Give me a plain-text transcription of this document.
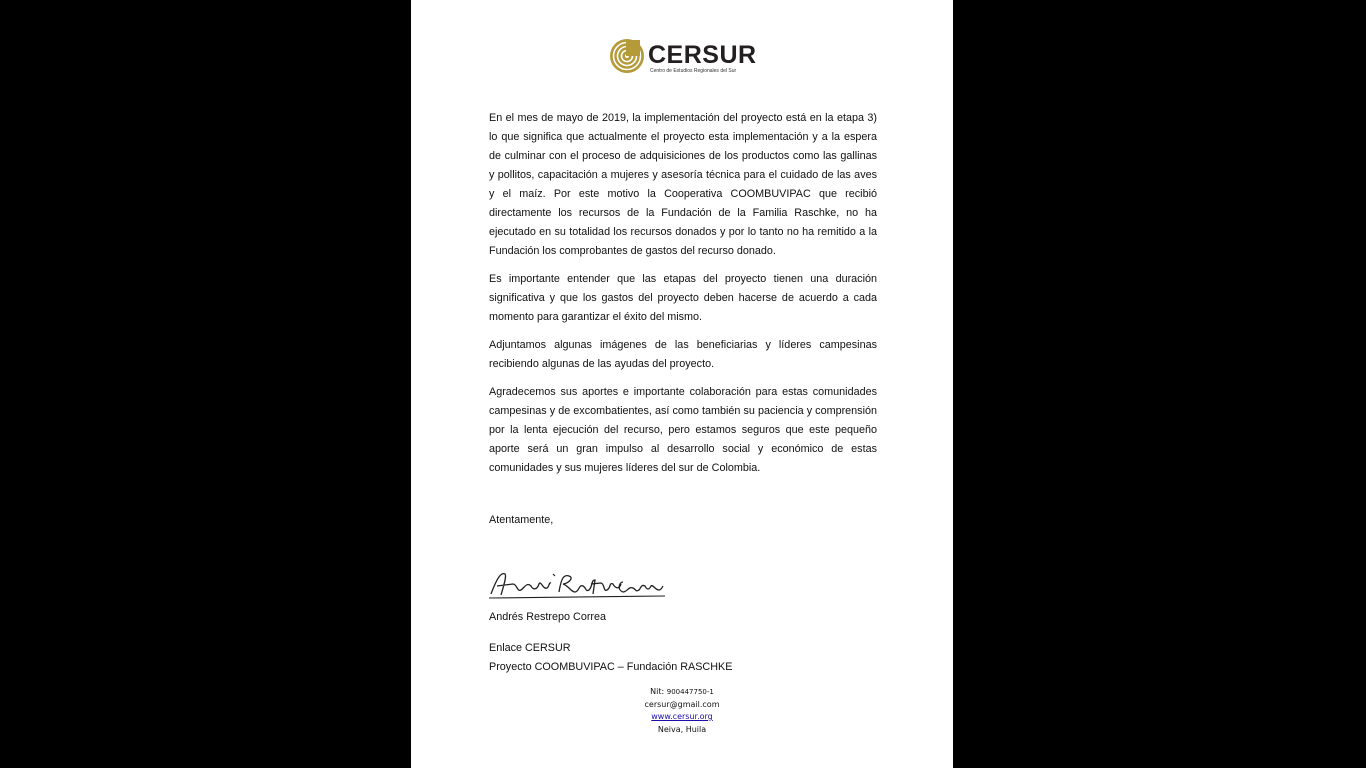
CERSUR
Centro de Estudios Regionales del Sur

En el mes de mayo de 2019, la implementación del proyecto está en la etapa 3) lo que significa que actualmente el proyecto esta implementación y a la espera de culminar con el proceso de adquisiciones de los productos como las gallinas y pollitos, capacitación a mujeres y asesoría técnica para el cuidado de las aves y el maíz. Por este motivo la Cooperativa COOMBUVIPAC que recibió directamente los recursos de la Fundación de la Familia Raschke, no ha ejecutado en su totalidad los recursos donados y por lo tanto no ha remitido a la Fundación los comprobantes de gastos del recurso donado.

Es importante entender que las etapas del proyecto tienen una duración significativa y que los gastos del proyecto deben hacerse de acuerdo a cada momento para garantizar el éxito del mismo.

Adjuntamos algunas imágenes de las beneficiarias y líderes campesinas recibiendo algunas de las ayudas del proyecto.

Agradecemos sus aportes e importante colaboración para estas comunidades campesinas y de excombatientes, así como también su paciencia y comprensión por la lenta ejecución del recurso, pero estamos seguros que este pequeño aporte será un gran impulso al desarrollo social y económico de estas comunidades y sus mujeres líderes del sur de Colombia.

Atentamente,
Andrés Restrepo Correa
Enlace CERSUR
Proyecto COOMBUVIPAC – Fundación RASCHKE
Nit: 900447750-1
cersur@gmail.com
www.cersur.org
Neiva, Huila
